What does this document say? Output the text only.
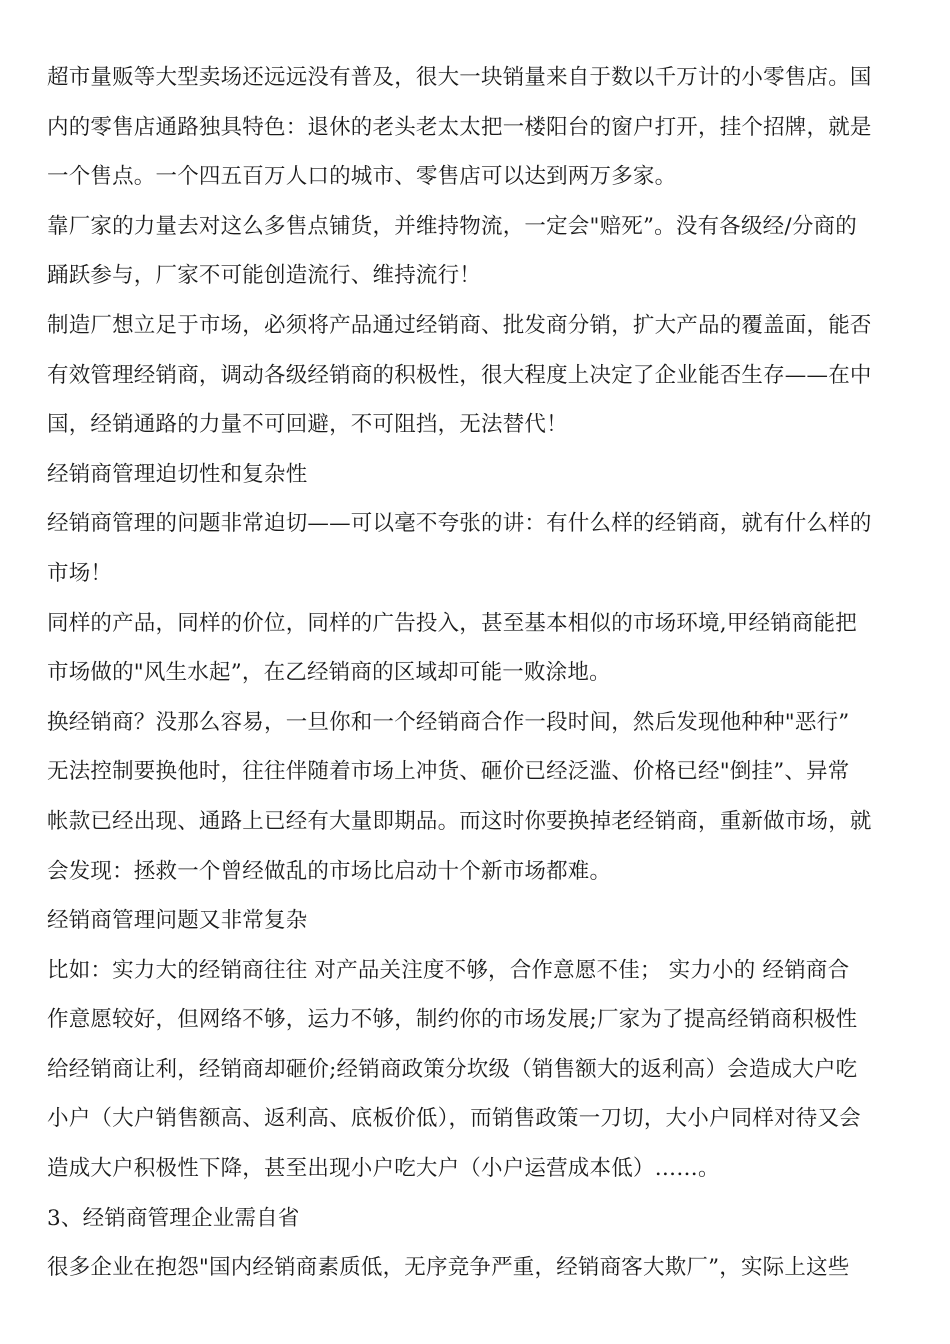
超市量贩等大型卖场还远远没有普及，很大一块销量来自于数以千万计的小零售店。国
内的零售店通路独具特色：退休的老头老太太把一楼阳台的窗户打开，挂个招牌，就是
一个售点。一个四五百万人口的城市、零售店可以达到两万多家。
靠厂家的力量去对这么多售点铺货，并维持物流，一定会"赔死”。没有各级经/分商的
踊跃参与，厂家不可能创造流行、维持流行！
制造厂想立足于市场，必须将产品通过经销商、批发商分销，扩大产品的覆盖面，能否
有效管理经销商，调动各级经销商的积极性，很大程度上决定了企业能否生存——在中
国，经销通路的力量不可回避，不可阻挡，无法替代！
经销商管理迫切性和复杂性
经销商管理的问题非常迫切——可以毫不夸张的讲：有什么样的经销商，就有什么样的
市场！
同样的产品，同样的价位，同样的广告投入，甚至基本相似的市场环境,甲经销商能把
市场做的"风生水起”，在乙经销商的区域却可能一败涂地。
换经销商？没那么容易，一旦你和一个经销商合作一段时间，然后发现他种种"恶行”
无法控制要换他时，往往伴随着市场上冲货、砸价已经泛滥、价格已经"倒挂”、异常
帐款已经出现、通路上已经有大量即期品。而这时你要换掉老经销商，重新做市场，就
会发现：拯救一个曾经做乱的市场比启动十个新市场都难。
经销商管理问题又非常复杂
比如：实力大的经销商往往 对产品关注度不够，合作意愿不佳； 实力小的 经销商合
作意愿较好，但网络不够，运力不够，制约你的市场发展;厂家为了提高经销商积极性
给经销商让利，经销商却砸价;经销商政策分坎级（销售额大的返利高）会造成大户吃
小户（大户销售额高、返利高、底板价低），而销售政策一刀切，大小户同样对待又会
造成大户积极性下降，甚至出现小户吃大户（小户运营成本低）……。
3、经销商管理企业需自省
很多企业在抱怨"国内经销商素质低，无序竞争严重，经销商客大欺厂”，实际上这些
